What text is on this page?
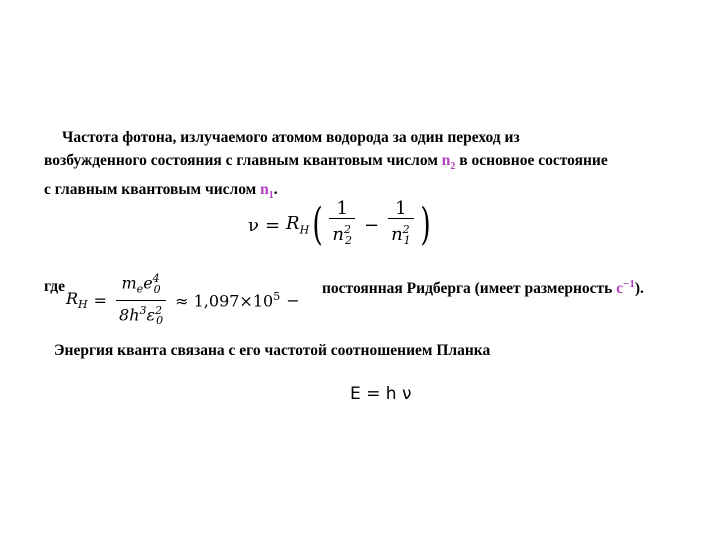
Частота фотона, излучаемого атомом водорода за один переход из
возбужденного состояния с главным квантовым числом $n_2$ в основное состояние
с главным квантовым числом $n_1$.
$\nu = R_H$ ( $\frac{1}{n^2_2} - \frac{1}{n^2_1}$ )
где
$R_H = \frac{m_ee^4_0}{8h^3\varepsilon^2_0} \approx 1,097\times 10^5$ −
постоянная Ридберга (имеет размерность $с^{-1}$).
Энергия кванта связана с его частотой соотношением Планка
E = h ν
